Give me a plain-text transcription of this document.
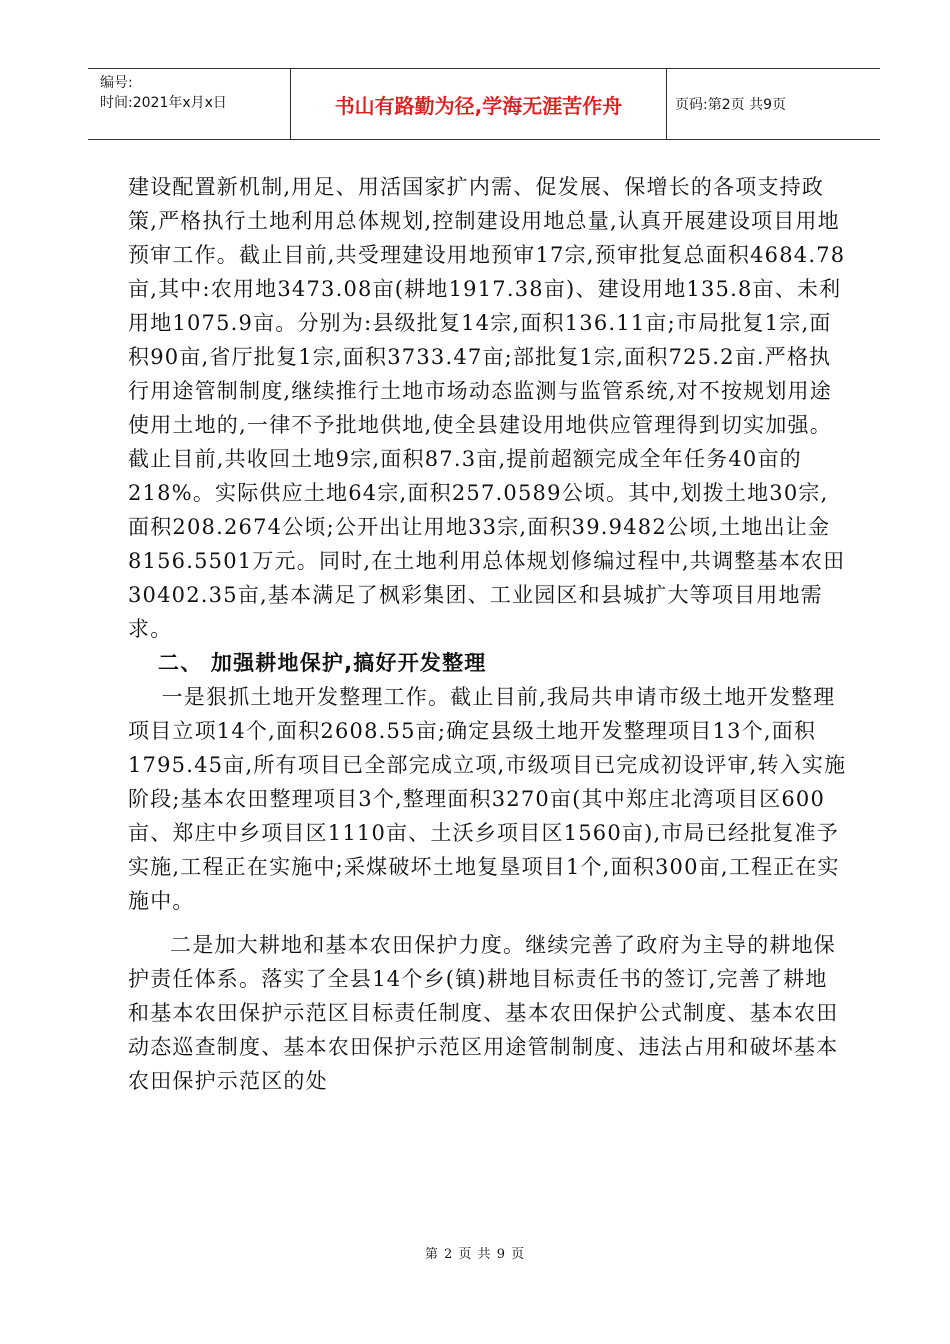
编号:
时间:2021年x月x日	书山有路勤为径,学海无涯苦作舟	页码:第2页 共9页

建设配置新机制,用足、用活国家扩内需、促发展、保增长的各项支持政策,严格执行土地利用总体规划,控制建设用地总量,认真开展建设项目用地预审工作。截止目前,共受理建设用地预审17宗,预审批复总面积4684.78亩,其中:农用地3473.08亩(耕地1917.38亩)、建设用地135.8亩、未利用地1075.9亩。分别为:县级批复14宗,面积136.11亩;市局批复1宗,面积90亩,省厅批复1宗,面积3733.47亩;部批复1宗,面积725.2亩.严格执行用途管制制度,继续推行土地市场动态监测与监管系统,对不按规划用途使用土地的,一律不予批地供地,使全县建设用地供应管理得到切实加强。截止目前,共收回土地9宗,面积87.3亩,提前超额完成全年任务40亩的218%。实际供应土地64宗,面积257.0589公顷。其中,划拨土地30宗,面积208.2674公顷;公开出让用地33宗,面积39.9482公顷,土地出让金8156.5501万元。同时,在土地利用总体规划修编过程中,共调整基本农田30402.35亩,基本满足了枫彩集团、工业园区和县城扩大等项目用地需求。

二、 加强耕地保护,搞好开发整理

一是狠抓土地开发整理工作。截止目前,我局共申请市级土地开发整理项目立项14个,面积2608.55亩;确定县级土地开发整理项目13个,面积1795.45亩,所有项目已全部完成立项,市级项目已完成初设评审,转入实施阶段;基本农田整理项目3个,整理面积3270亩(其中郑庄北湾项目区600亩、郑庄中乡项目区1110亩、土沃乡项目区1560亩),市局已经批复准予实施,工程正在实施中;采煤破坏土地复垦项目1个,面积300亩,工程正在实施中。

二是加大耕地和基本农田保护力度。继续完善了政府为主导的耕地保护责任体系。落实了全县14个乡(镇)耕地目标责任书的签订,完善了耕地和基本农田保护示范区目标责任制度、基本农田保护公式制度、基本农田动态巡查制度、基本农田保护示范区用途管制制度、违法占用和破坏基本农田保护示范区的处

第 2 页 共 9 页
